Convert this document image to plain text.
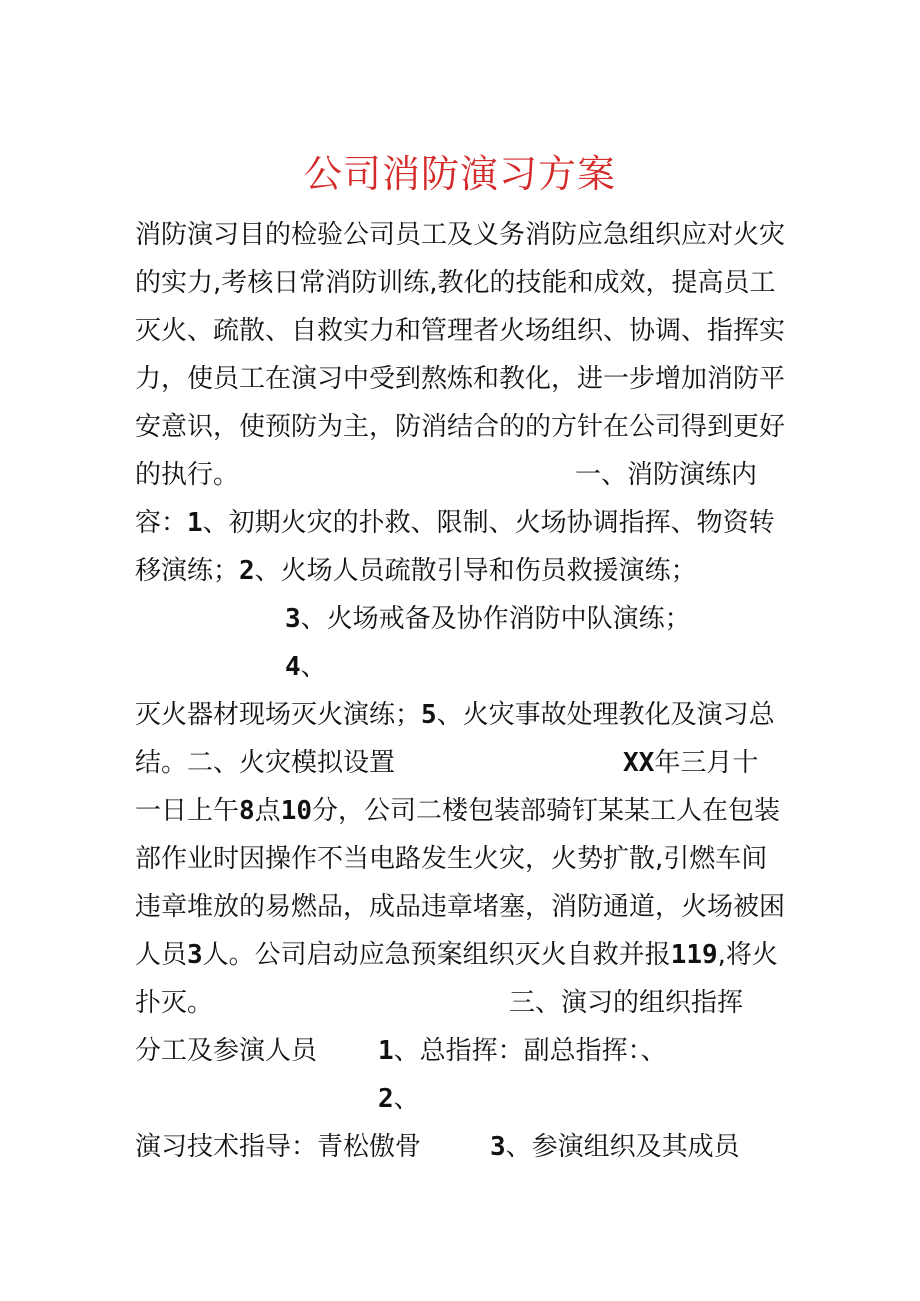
公司消防演习方案
消防演习目的检验公司员工及义务消防应急组织应对火灾
的实力,考核日常消防训练,教化的技能和成效，提高员工
灭火、疏散、自救实力和管理者火场组织、协调、指挥实
力，使员工在演习中受到熬炼和教化，进一步增加消防平
安意识，使预防为主，防消结合的的方针在公司得到更好
的执行。	一、消防演练内
容：1、初期火灾的扑救、限制、火场协调指挥、物资转
移演练；2、火场人员疏散引导和伤员救援演练；
3、火场戒备及协作消防中队演练；
4、
灭火器材现场灭火演练；5、火灾事故处理教化及演习总
结。二、火灾模拟设置	XX年三月十
一日上午8点10分，公司二楼包装部骑钉某某工人在包装
部作业时因操作不当电路发生火灾，火势扩散,引燃车间
违章堆放的易燃品，成品违章堵塞，消防通道，火场被困
人员3人。公司启动应急预案组织灭火自救并报119,将火
扑灭。	三、演习的组织指挥
分工及参演人员 1、总指挥：副总指挥：、
2、
演习技术指导：青松傲骨	3、参演组织及其成员
